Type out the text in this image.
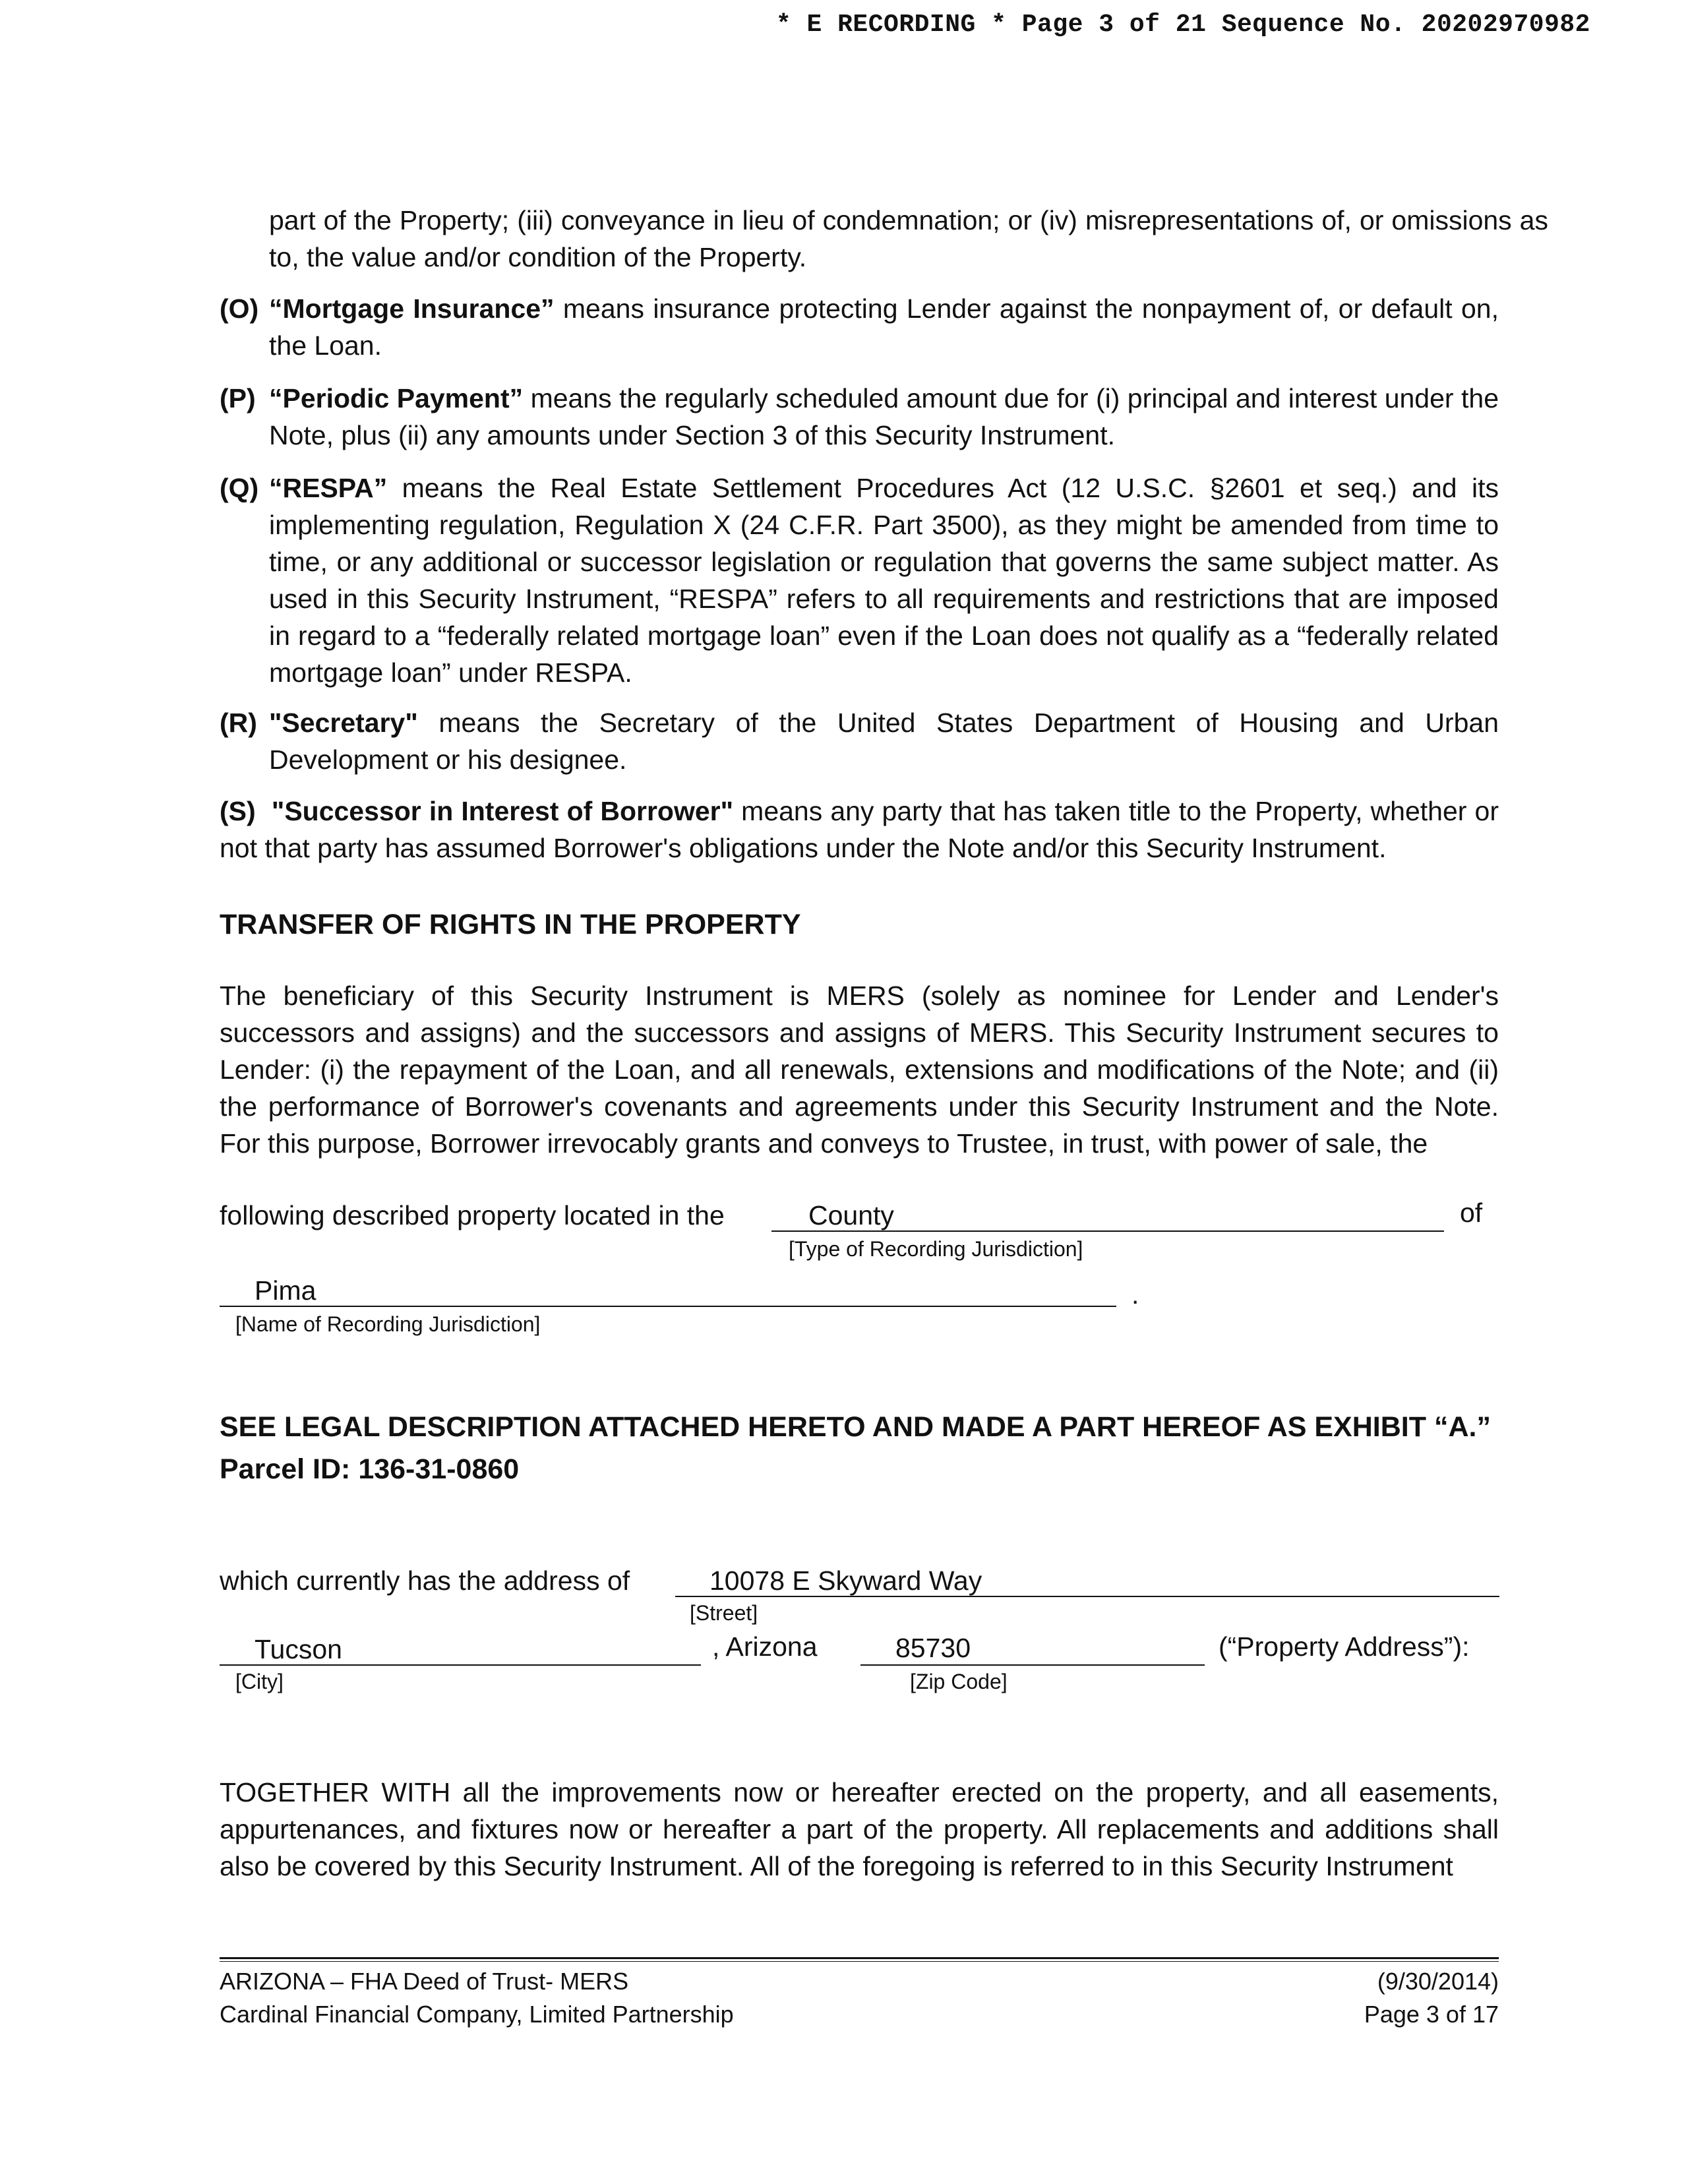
* E RECORDING * Page 3 of 21 Sequence No. 20202970982
part of the Property; (iii) conveyance in lieu of condemnation; or (iv) misrepresentations of, or omissions as to, the value and/or condition of the Property.
(O) “Mortgage Insurance” means insurance protecting Lender against the nonpayment of, or default on, the Loan.
(P) “Periodic Payment” means the regularly scheduled amount due for (i) principal and interest under the Note, plus (ii) any amounts under Section 3 of this Security Instrument.
(Q) “RESPA” means the Real Estate Settlement Procedures Act (12 U.S.C. §2601 et seq.) and its implementing regulation, Regulation X (24 C.F.R. Part 3500), as they might be amended from time to time, or any additional or successor legislation or regulation that governs the same subject matter. As used in this Security Instrument, “RESPA” refers to all requirements and restrictions that are imposed in regard to a “federally related mortgage loan” even if the Loan does not qualify as a “federally related mortgage loan” under RESPA.
(R) "Secretary" means the Secretary of the United States Department of Housing and Urban Development or his designee.
(S) "Successor in Interest of Borrower" means any party that has taken title to the Property, whether or not that party has assumed Borrower's obligations under the Note and/or this Security Instrument.
TRANSFER OF RIGHTS IN THE PROPERTY
The beneficiary of this Security Instrument is MERS (solely as nominee for Lender and Lender's successors and assigns) and the successors and assigns of MERS. This Security Instrument secures to Lender: (i) the repayment of the Loan, and all renewals, extensions and modifications of the Note; and (ii) the performance of Borrower's covenants and agreements under this Security Instrument and the Note. For this purpose, Borrower irrevocably grants and conveys to Trustee, in trust, with power of sale, the
following described property located in the	County
[Type of Recording Jurisdiction]
of
Pima
[Name of Recording Jurisdiction]
.
SEE LEGAL DESCRIPTION ATTACHED HERETO AND MADE A PART HEREOF AS EXHIBIT “A.”
Parcel ID: 136-31-0860
which currently has the address of	10078 E Skyward Way
[Street]
Tucson
[City]
, Arizona	85730
[Zip Code]
(“Property Address”):
TOGETHER WITH all the improvements now or hereafter erected on the property, and all easements, appurtenances, and fixtures now or hereafter a part of the property. All replacements and additions shall also be covered by this Security Instrument. All of the foregoing is referred to in this Security Instrument
ARIZONA – FHA Deed of Trust- MERS
Cardinal Financial Company, Limited Partnership
(9/30/2014)
Page 3 of 17
